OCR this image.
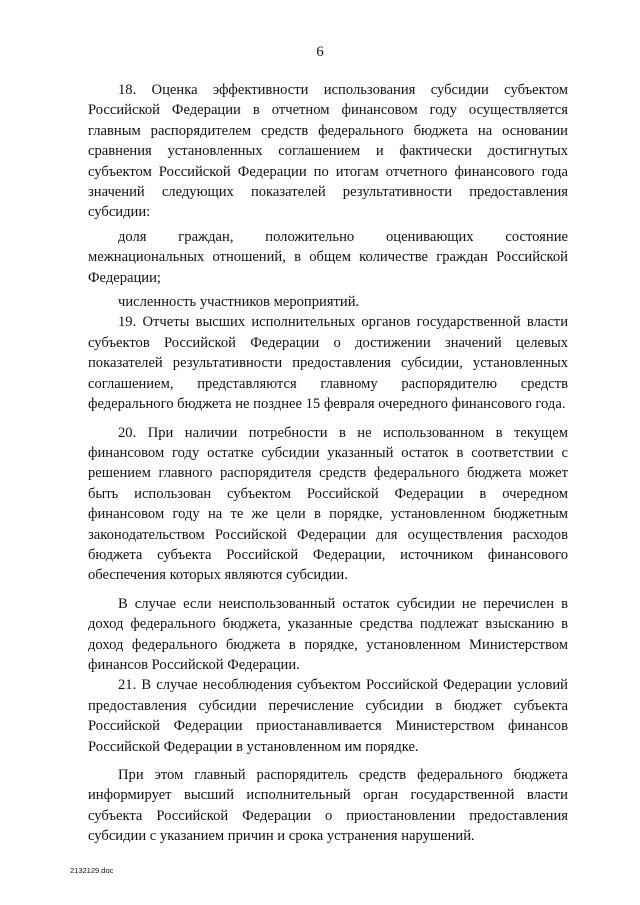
6

18. Оценка эффективности использования субсидии субъектом Российской Федерации в отчетном финансовом году осуществляется главным распорядителем средств федерального бюджета на основании сравнения установленных соглашением и фактически достигнутых субъектом Российской Федерации по итогам отчетного финансового года значений следующих показателей результативности предоставления субсидии:

доля граждан, положительно оценивающих состояние межнациональных отношений, в общем количестве граждан Российской Федерации;

численность участников мероприятий.

19. Отчеты высших исполнительных органов государственной власти субъектов Российской Федерации о достижении значений целевых показателей результативности предоставления субсидии, установленных соглашением, представляются главному распорядителю средств федерального бюджета не позднее 15 февраля очередного финансового года.

20. При наличии потребности в не использованном в текущем финансовом году остатке субсидии указанный остаток в соответствии с решением главного распорядителя средств федерального бюджета может быть использован субъектом Российской Федерации в очередном финансовом году на те же цели в порядке, установленном бюджетным законодательством Российской Федерации для осуществления расходов бюджета субъекта Российской Федерации, источником финансового обеспечения которых являются субсидии.

В случае если неиспользованный остаток субсидии не перечислен в доход федерального бюджета, указанные средства подлежат взысканию в доход федерального бюджета в порядке, установленном Министерством финансов Российской Федерации.

21. В случае несоблюдения субъектом Российской Федерации условий предоставления субсидии перечисление субсидии в бюджет субъекта Российской Федерации приостанавливается Министерством финансов Российской Федерации в установленном им порядке.

При этом главный распорядитель средств федерального бюджета информирует высший исполнительный орган государственной власти субъекта Российской Федерации о приостановлении предоставления субсидии с указанием причин и срока устранения нарушений.

2132129.doc
